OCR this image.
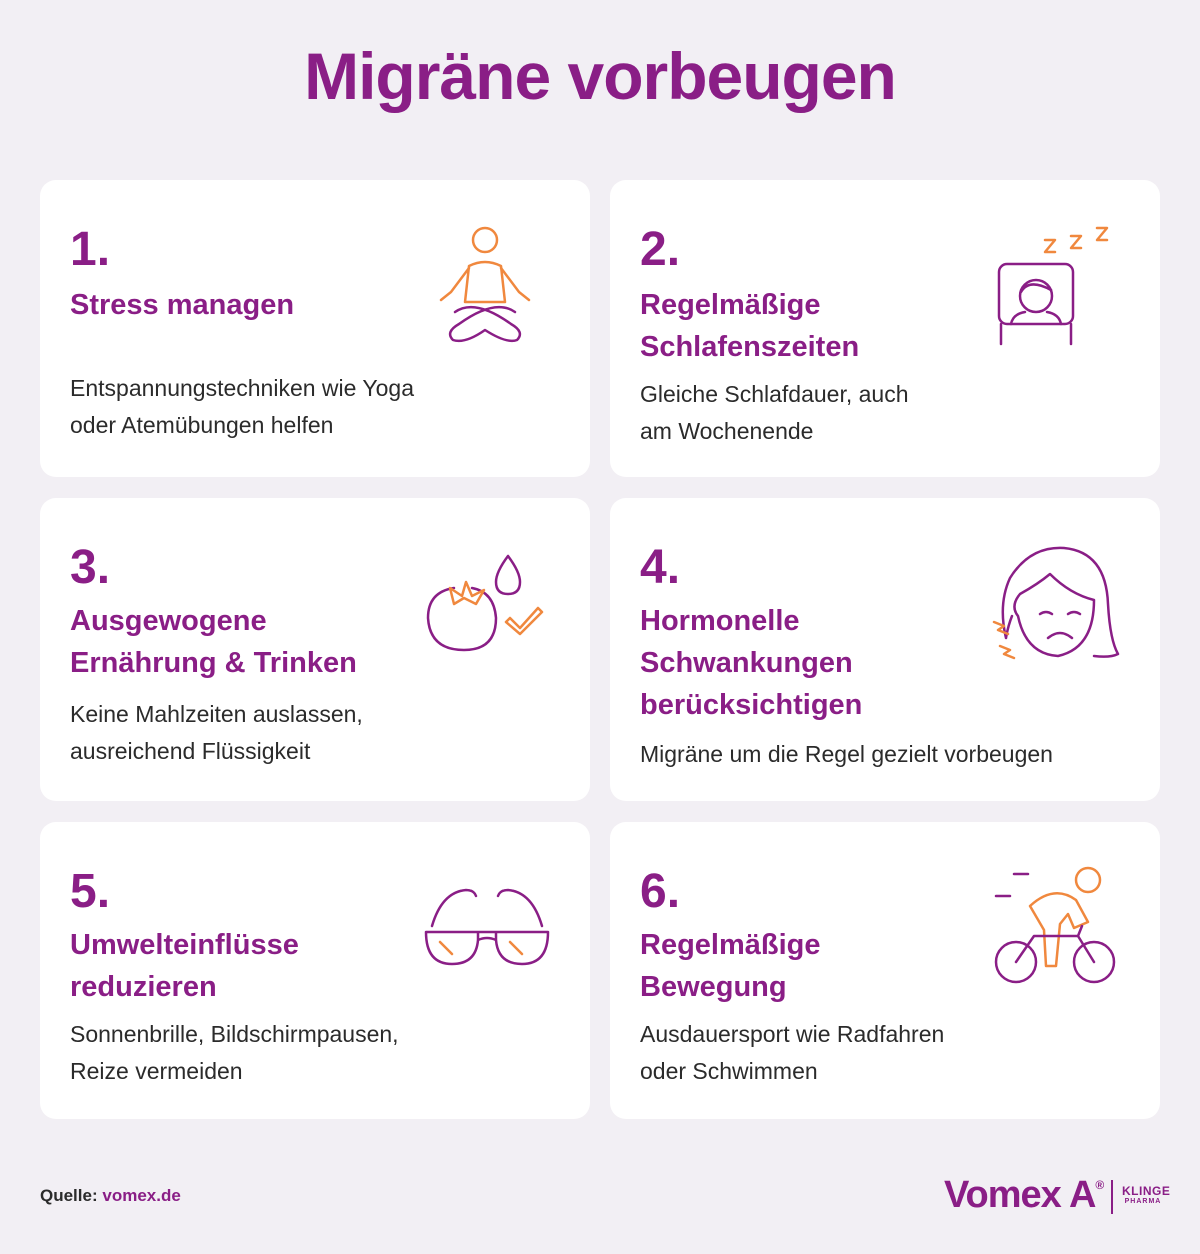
Migräne vorbeugen
1.
Stress managen
Entspannungstechniken wie Yoga
oder Atemübungen helfen
2.
Regelmäßige
Schlafenszeiten
Gleiche Schlafdauer, auch
am Wochenende
3.
Ausgewogene
Ernährung & Trinken
Keine Mahlzeiten auslassen,
ausreichend Flüssigkeit
4.
Hormonelle
Schwankungen
berücksichtigen
Migräne um die Regel gezielt vorbeugen
5.
Umwelteinflüsse
reduzieren
Sonnenbrille, Bildschirmpausen,
Reize vermeiden
6.
Regelmäßige
Bewegung
Ausdauersport wie Radfahren
oder Schwimmen
Quelle: vomex.de	Vomex A® KLINGE
PHARMA
